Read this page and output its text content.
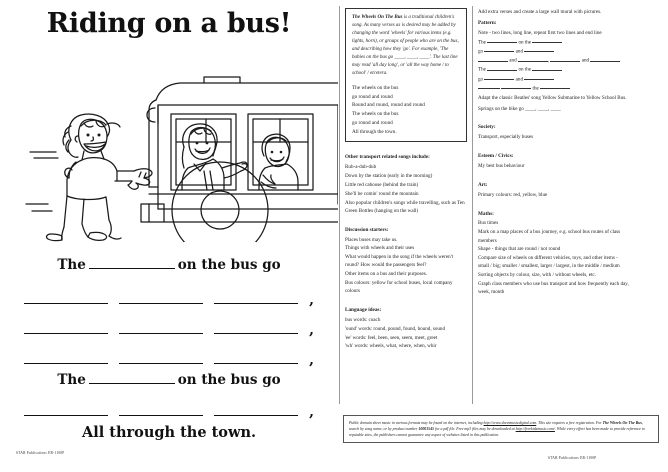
Riding on a bus!
The	on the bus go
,
,
,
The	on the bus go
,
All through the town.
STAR Publications ER-1100P

The Wheels On The Bus is a traditional children's song. As many verses as is desired may be added by changing the word 'wheels' for various items (e.g. lights, horn), or groups of people who are on the bus, and describing how they 'go'. For example, 'The babies on the bus go ____, ____, ____'. The last line may read 'all day long', or 'all the way home / to school' / etcetera.

The wheels on the bus
go round and round
Round and round, round and round
The wheels on the bus
go round and round
All through the town.
Other transport related songs include:

Rub-a-dub-dub

Down by the station (early in the morning)

Little red caboose (behind the train)

She'll be comin' round the mountain

Also popular children's songs while travelling, such as Ten Green Bottles (hanging on the wall)

Discussion starters:

Places buses may take us.

Things with wheels and their uses

What would happen in the song if the wheels weren't round? How would the passengers feel?

Other items on a bus and their purposes.

Bus colours: yellow for school buses, local company colours

Language ideas:

bus words: coach

'ound' words: round, pound, found, bound, sound

'ee' words: feel, been, seen, seem, meet, greet

'wh' words: wheels, what, where, when, whir

Add extra verses and create a large wall mural with pictures.

Pattern:

Note - two lines, long line, repeat first two lines and end line

The	on the

go	and

and	,	and

The	on the

go	and

the

Adapt the classic Beatles' song Yellow Submarine to Yellow School Bus.

Springs on the bike go ____, ____, ____

Society:

Transport, especially buses

Esteem / Civics:

My best bus behaviour

Art:

Primary colours: red, yellow, blue

Maths:

Bus times

Mark on a map places of a bus journey, e.g. school bus routes of class members

Shape - things that are round / not round

Compare size of wheels on different vehicles, toys, and other items - small / big; smaller / smallest, larger / largest, in the middle / medium

Sorting objects by colour, size, with / without wheels, etc.

Graph class members who use bus transport and how frequently each day, week, month

Public domain sheet music in various formats may be found on the internet, including http://www.sheetmusicdigital.com. This site requires a free registration. For The Wheels On The Bus, search by song name, or by product number 10001545 for a pdf file. Free mp3 files may be downloaded at http://freekidsmusic.com/. While every effort has been made to provide reference to reputable sites, the publishers cannot guarantee any aspect of websites listed in this publication.
STAR Publications ER-1100P
